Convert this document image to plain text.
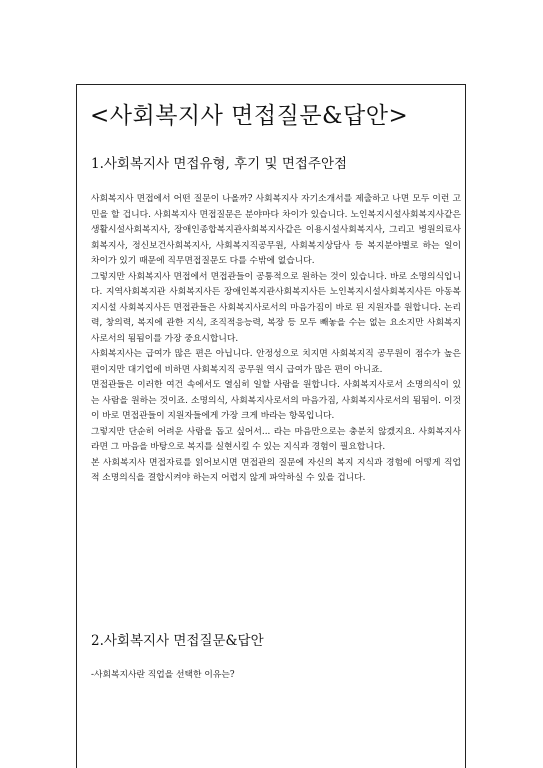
<사회복지사 면접질문&답안>
1.사회복지사 면접유형, 후기 및 면접주안점

사회복지사 면접에서 어떤 질문이 나올까? 사회복지사 자기소개서를 제출하고 나면 모두 이런 고민을 할 겁니다. 사회복지사 면접질문은 분야마다 차이가 있습니다. 노인복지시설사회복지사같은 생활시설사회복지사, 장애인종합복지관사회복지사같은 이용시설사회복지사, 그리고 병원의료사회복지사, 정신보건사회복지사, 사회복지직공무원, 사회복지상담사 등 복지분야별로 하는 일이 차이가 있기 때문에 직무면접질문도 다를 수밖에 없습니다.

그렇지만 사회복지사 면접에서 면접관들이 공통적으로 원하는 것이 있습니다. 바로 소명의식입니다. 지역사회복지관 사회복지사든 장애인복지관사회복지사든 노인복지시설사회복지사든 아동복지시설 사회복지사든 면접관들은 사회복지사로서의 마음가짐이 바로 된 지원자를 원합니다. 논리력, 창의력, 복지에 관한 지식, 조직적응능력, 복장 등 모두 빼놓을 수는 없는 요소지만 사회복지사로서의 됨됨이를 가장 중요시합니다.

사회복지사는 급여가 많은 편은 아닙니다. 안정성으로 치지면 사회복지직 공무원이 점수가 높은 편이지만 대기업에 비하면 사회복지직 공무원 역시 급여가 많은 편이 아니죠.

면접관들은 이러한 여건 속에서도 열심히 일할 사람을 원합니다. 사회복지사로서 소명의식이 있는 사람을 원하는 것이죠. 소명의식, 사회복지사로서의 마음가짐, 사회복지사로서의 됨됨이. 이것이 바로 면접관들이 지원자들에게 가장 크게 바라는 항목입니다.

그렇지만 단순히 어려운 사람을 돕고 싶어서... 라는 마음만으로는 충분치 않겠지요. 사회복지사라면 그 마음을 바탕으로 복지를 실현시킬 수 있는 지식과 경험이 필요합니다.

본 사회복지사 면접자료를 읽어보시면 면접관의 질문에 자신의 복지 지식과 경험에 어떻게 직업적 소명의식을 결합시켜야 하는지 어렵지 않게 파악하실 수 있을 겁니다.

2.사회복지사 면접질문&답안
-사회복지사란 직업을 선택한 이유는?
